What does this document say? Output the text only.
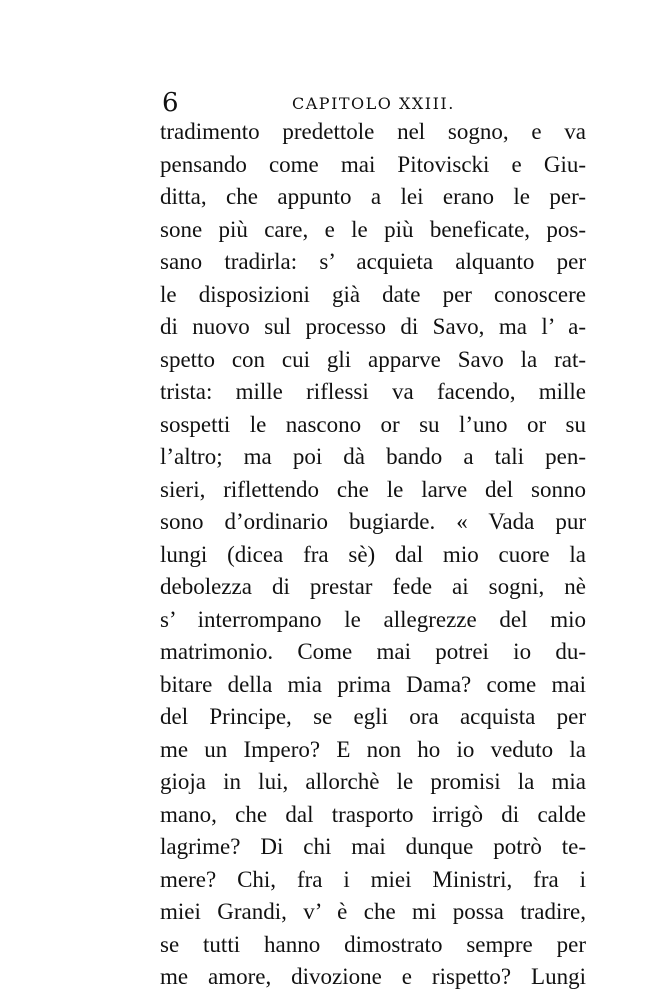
6	CAPITOLO XXIII.
tradimento predettole nel sogno, e va
pensando come mai Pitoviscki e Giu-
ditta, che appunto a lei erano le per-
sone più care, e le più beneficate, pos-
sano tradirla: s’ acquieta alquanto per
le disposizioni già date per conoscere
di nuovo sul processo di Savo, ma l’ a-
spetto con cui gli apparve Savo la rat-
trista: mille riflessi va facendo, mille
sospetti le nascono or su l’uno or su
l’altro; ma poi dà bando a tali pen-
sieri, riflettendo che le larve del sonno
sono d’ordinario bugiarde. « Vada pur
lungi (dicea fra sè) dal mio cuore la
debolezza di prestar fede ai sogni, nè
s’ interrompano le allegrezze del mio
matrimonio. Come mai potrei io du-
bitare della mia prima Dama? come mai
del Principe, se egli ora acquista per
me un Impero? E non ho io veduto la
gioja in lui, allorchè le promisi la mia
mano, che dal trasporto irrigò di calde
lagrime? Di chi mai dunque potrò te-
mere? Chi, fra i miei Ministri, fra i
miei Grandi, v’ è che mi possa tradire,
se tutti hanno dimostrato sempre per
me amore, divozione e rispetto? Lungi
